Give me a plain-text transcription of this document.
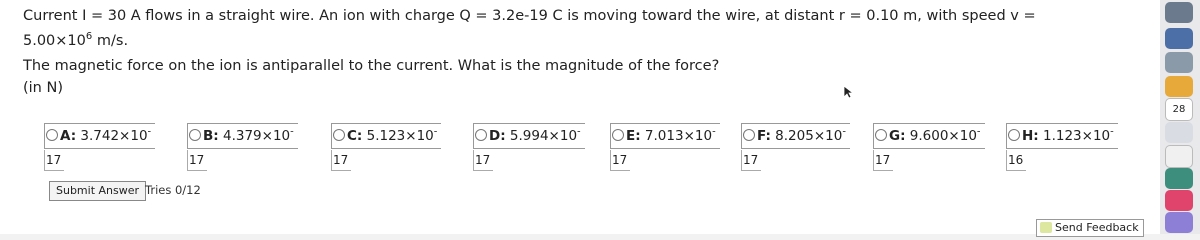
Current I = 30 A flows in a straight wire. An ion with charge Q = 3.2e-19 C is moving toward the wire, at distant r = 0.10 m, with speed v =
$5.00\times 10^6$ m/s.
The magnetic force on the ion is antiparallel to the current. What is the magnitude of the force?
(in N)
A: 3.742×10-
17
B: 4.379×10-
17
C: 5.123×10-
17
D: 5.994×10-
17
E: 7.013×10-
17
F: 8.205×10-
17
G: 9.600×10-
17
H: 1.123×10-
16
Submit Answer Tries 0/12
Send Feedback
28
